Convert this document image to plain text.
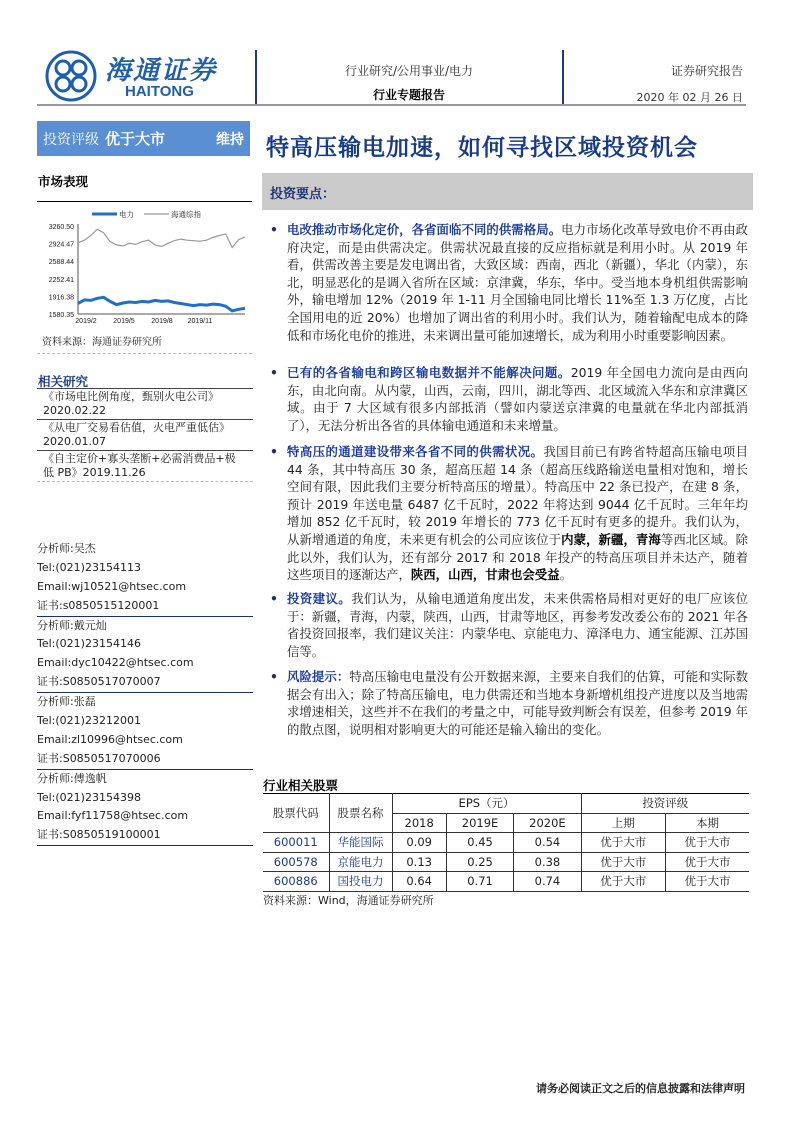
海通证券
HAITONG
行业研究/公用事业/电力
行业专题报告
证券研究报告
2020 年 02 月 26 日
投资评级 优于大市	维持 特高压输电加速，如何寻找区域投资机会
市场表现
3260.50
2924.47
2588.44
2252.41
1916.38
1580.35
2019/2 2019/5 2019/8 2019/11
电力	海通综指
资料来源：海通证券研究所
相关研究
《市场电比例角度，甄别火电公司》
2020.02.22
《从电厂交易看估值，火电严重低估》
2020.01.07
《自主定价+寡头垄断+必需消费品+极
低 PB》2019.11.26
分析师:吴杰
Tel:(021)23154113
Email:wj10521@htsec.com
证书:s0850515120001
分析师:戴元灿
Tel:(021)23154146
Email:dyc10422@htsec.com
证书:S0850517070007
分析师:张磊
Tel:(021)23212001
Email:zl10996@htsec.com
证书:S0850517070006
分析师:傅逸帆
Tel:(021)23154398
Email:fyf11758@htsec.com
证书:S0850519100001
投资要点：
• 电改推动市场化定价，各省面临不同的供需格局。电力市场化改革导致电价不再由政府决定，而是由供需决定。供需状况最直接的反应指标就是利用小时。从 2019 年看，供需改善主要是发电调出省，大致区域：西南，西北（新疆），华北（内蒙），东北，明显恶化的是调入省所在区域：京津冀，华东，华中。受当地本身机组供需影响外，输电增加 12%（2019 年 1-11 月全国输电同比增长 11%至 1.3 万亿度，占比全国用电的近 20%）也增加了调出省的利用小时。我们认为，随着输配电成本的降低和市场化电价的推进，未来调出量可能加速增长，成为利用小时重要影响因素。
• 已有的各省输电和跨区输电数据并不能解决问题。2019 年全国电力流向是由西向东，由北向南。从内蒙，山西，云南，四川，湖北等西、北区域流入华东和京津冀区域。由于 7 大区域有很多内部抵消（譬如内蒙送京津冀的电量就在华北内部抵消了），无法分析出各省的具体输电通道和未来增量。
• 特高压的通道建设带来各省不同的供需状况。我国目前已有跨省特超高压输电项目 44 条，其中特高压 30 条，超高压超 14 条（超高压线路输送电量相对饱和，增长空间有限，因此我们主要分析特高压的增量）。特高压中 22 条已投产，在建 8 条，预计 2019 年送电量 6487 亿千瓦时，2022 年将达到 9044 亿千瓦时。三年年均增加 852 亿千瓦时，较 2019 年增长的 773 亿千瓦时有更多的提升。我们认为，从新增通道的角度，未来更有机会的公司应该位于内蒙，新疆，青海等西北区域。除此以外，我们认为，还有部分 2017 和 2018 年投产的特高压项目并未达产，随着这些项目的逐渐达产，陕西，山西，甘肃也会受益。
• 投资建议。我们认为，从输电通道角度出发，未来供需格局相对更好的电厂应该位于：新疆，青海，内蒙，陕西，山西，甘肃等地区，再参考发改委公布的 2021 年各省投资回报率，我们建议关注：内蒙华电、京能电力、漳泽电力、通宝能源、江苏国信等。
• 风险提示：特高压输电电量没有公开数据来源，主要来自我们的估算，可能和实际数据会有出入；除了特高压输电，电力供需还和当地本身新增机组投产进度以及当地需求增速相关，这些并不在我们的考量之中，可能导致判断会有误差，但参考 2019 年的散点图，说明相对影响更大的可能还是输入输出的变化。
行业相关股票
股票代码	股票名称	EPS（元）			投资评级	
		2018	2019E	2020E	上期	本期
600011	华能国际	0.09	0.45	0.54	优于大市	优于大市
600578	京能电力	0.13	0.25	0.38	优于大市	优于大市
600886	国投电力	0.64	0.71	0.74	优于大市	优于大市
资料来源：Wind，海通证券研究所
请务必阅读正文之后的信息披露和法律声明
